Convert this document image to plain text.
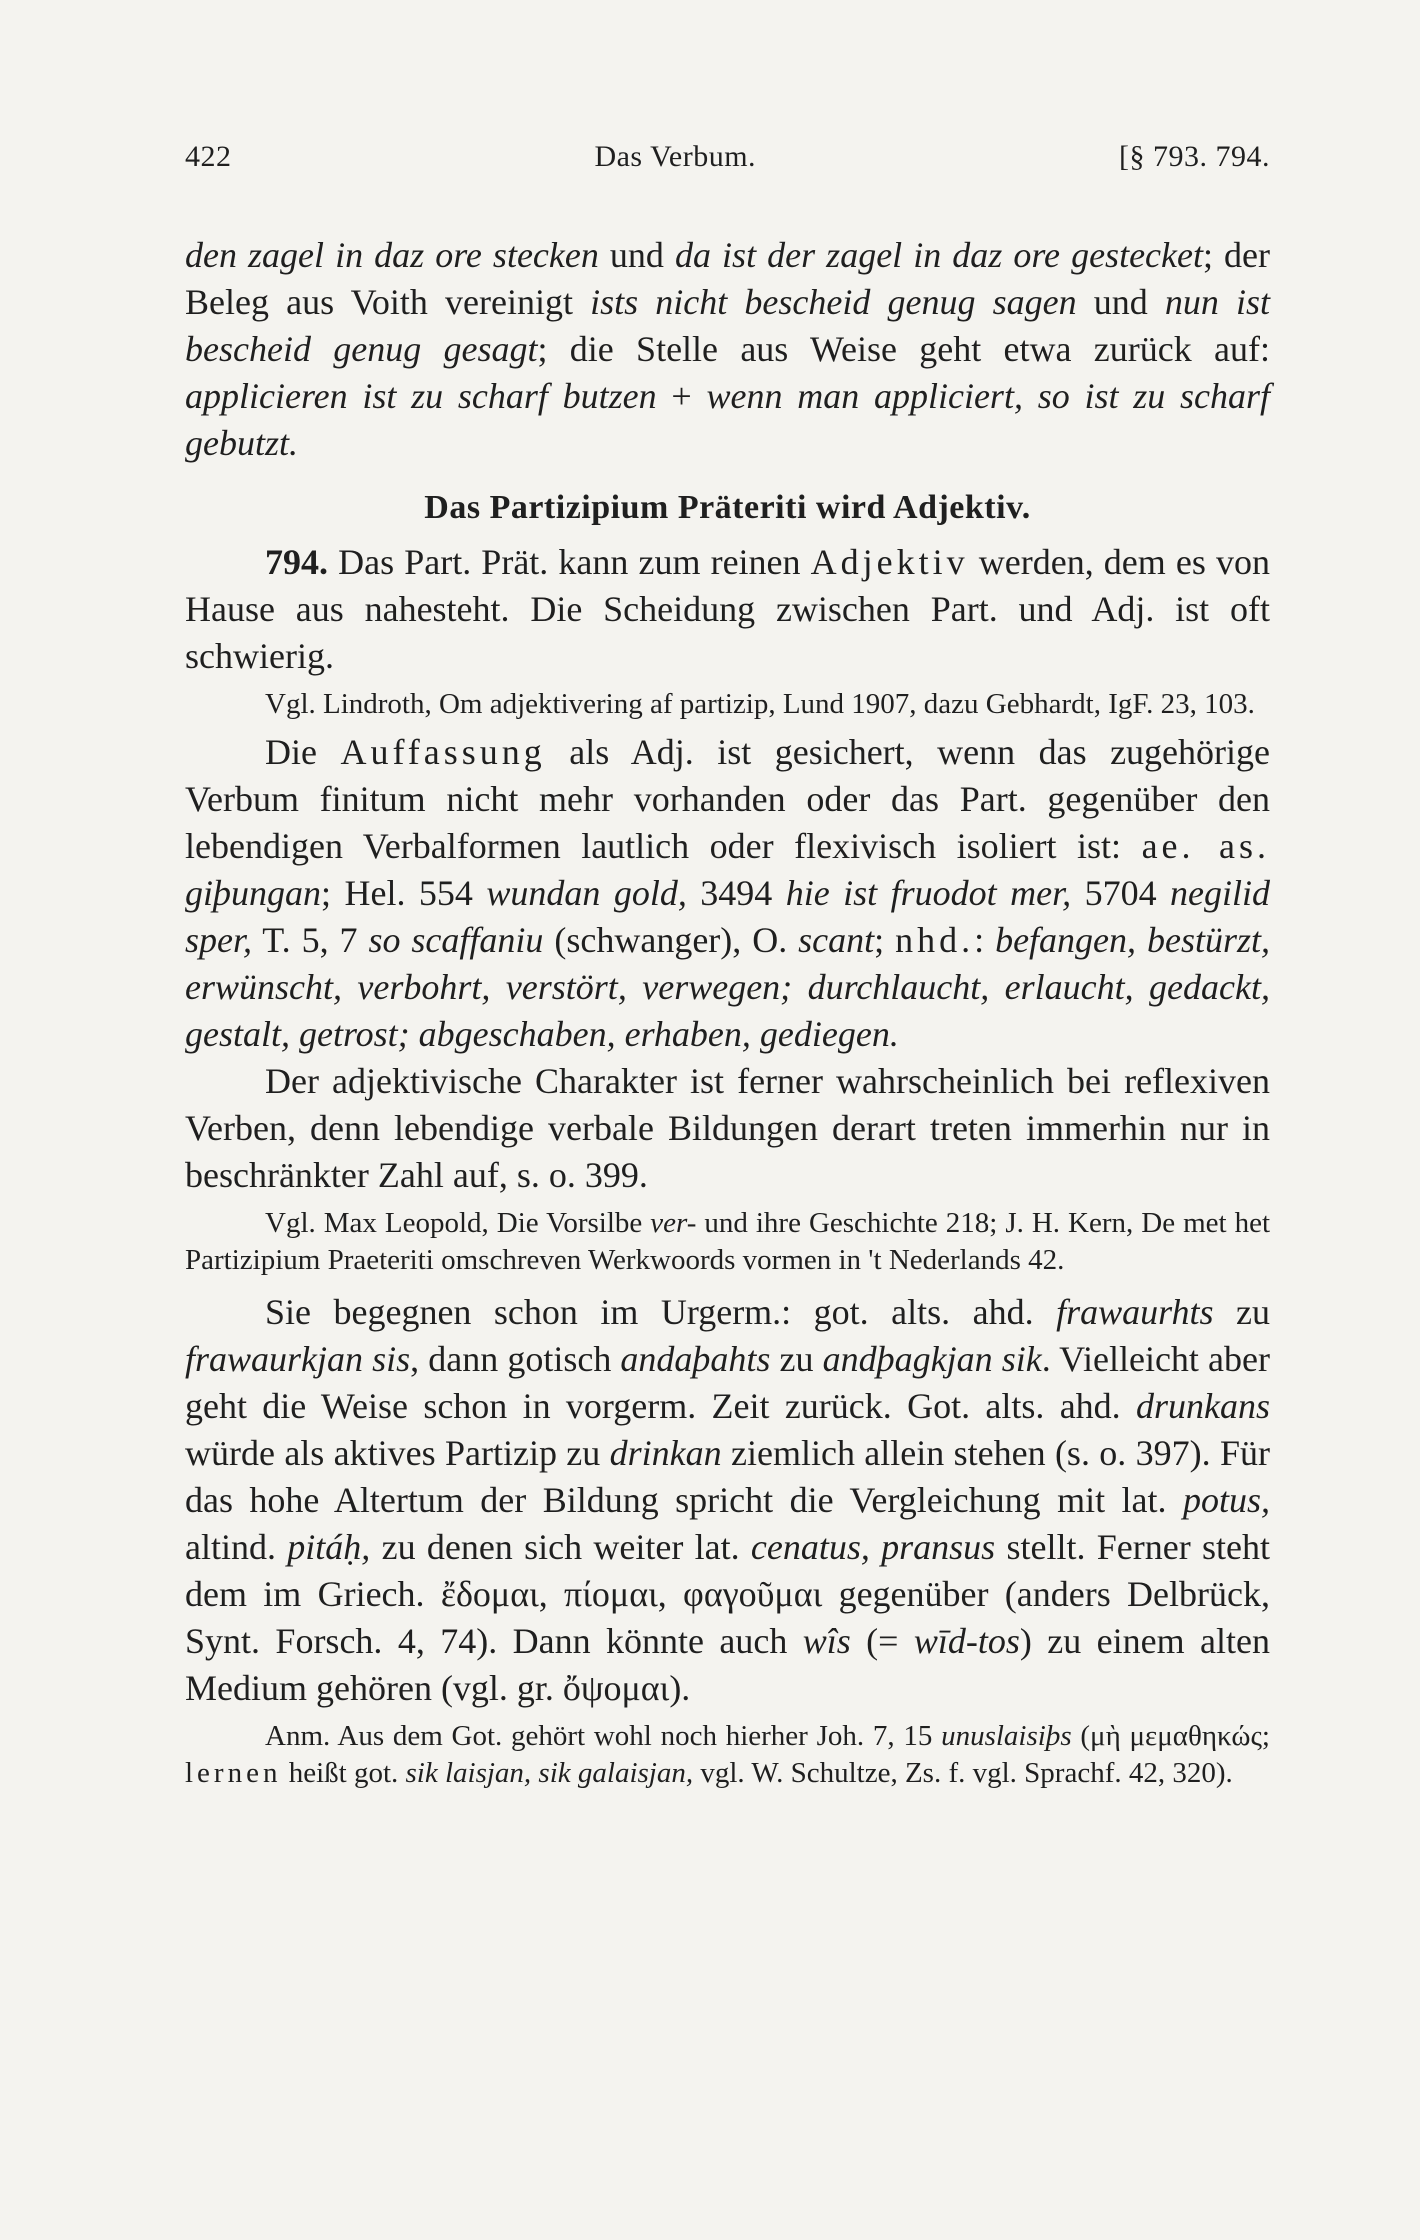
422	Das Verbum.	[§ 793. 794.

den zagel in daz ore stecken und da ist der zagel in daz ore gestecket; der Beleg aus Voith vereinigt ists nicht bescheid genug sagen und nun ist bescheid genug gesagt; die Stelle aus Weise geht etwa zurück auf: applicieren ist zu scharf butzen + wenn man appliciert, so ist zu scharf gebutzt.

Das Partizipium Präteriti wird Adjektiv.

794. Das Part. Prät. kann zum reinen Adjektiv werden, dem es von Hause aus nahesteht. Die Scheidung zwischen Part. und Adj. ist oft schwierig.

Vgl. Lindroth, Om adjektivering af partizip, Lund 1907, dazu Gebhardt, IgF. 23, 103.

Die Auffassung als Adj. ist gesichert, wenn das zugehörige Verbum finitum nicht mehr vorhanden oder das Part. gegenüber den lebendigen Verbalformen lautlich oder flexivisch isoliert ist: ae. as. giþungan; Hel. 554 wundan gold, 3494 hie ist fruodot mer, 5704 negilid sper, T. 5, 7 so scaffaniu (schwanger), O. scant; nhd.: befangen, bestürzt, erwünscht, verbohrt, verstört, verwegen; durchlaucht, erlaucht, gedackt, gestalt, getrost; abgeschaben, erhaben, gediegen.

Der adjektivische Charakter ist ferner wahrscheinlich bei reflexiven Verben, denn lebendige verbale Bildungen derart treten immerhin nur in beschränkter Zahl auf, s. o. 399.

Vgl. Max Leopold, Die Vorsilbe ver- und ihre Geschichte 218; J. H. Kern, De met het Partizipium Praeteriti omschreven Werkwoords vormen in 't Nederlands 42.

Sie begegnen schon im Urgerm.: got. alts. ahd. frawaurhts zu frawaurkjan sis, dann gotisch andaþahts zu andþagkjan sik. Vielleicht aber geht die Weise schon in vorgerm. Zeit zurück. Got. alts. ahd. drunkans würde als aktives Partizip zu drinkan ziemlich allein stehen (s. o. 397). Für das hohe Altertum der Bildung spricht die Vergleichung mit lat. potus, altind. pitáḥ, zu denen sich weiter lat. cenatus, pransus stellt. Ferner steht dem im Griech. ἔδομαι, πίομαι, φαγοῦμαι gegenüber (anders Delbrück, Synt. Forsch. 4, 74). Dann könnte auch wîs (= wīd-tos) zu einem alten Medium gehören (vgl. gr. ὄψομαι).

Anm. Aus dem Got. gehört wohl noch hierher Joh. 7, 15 unuslaisiþs (μὴ μεμαθηκώς; lernen heißt got. sik laisjan, sik galaisjan, vgl. W. Schultze, Zs. f. vgl. Sprachf. 42, 320).
